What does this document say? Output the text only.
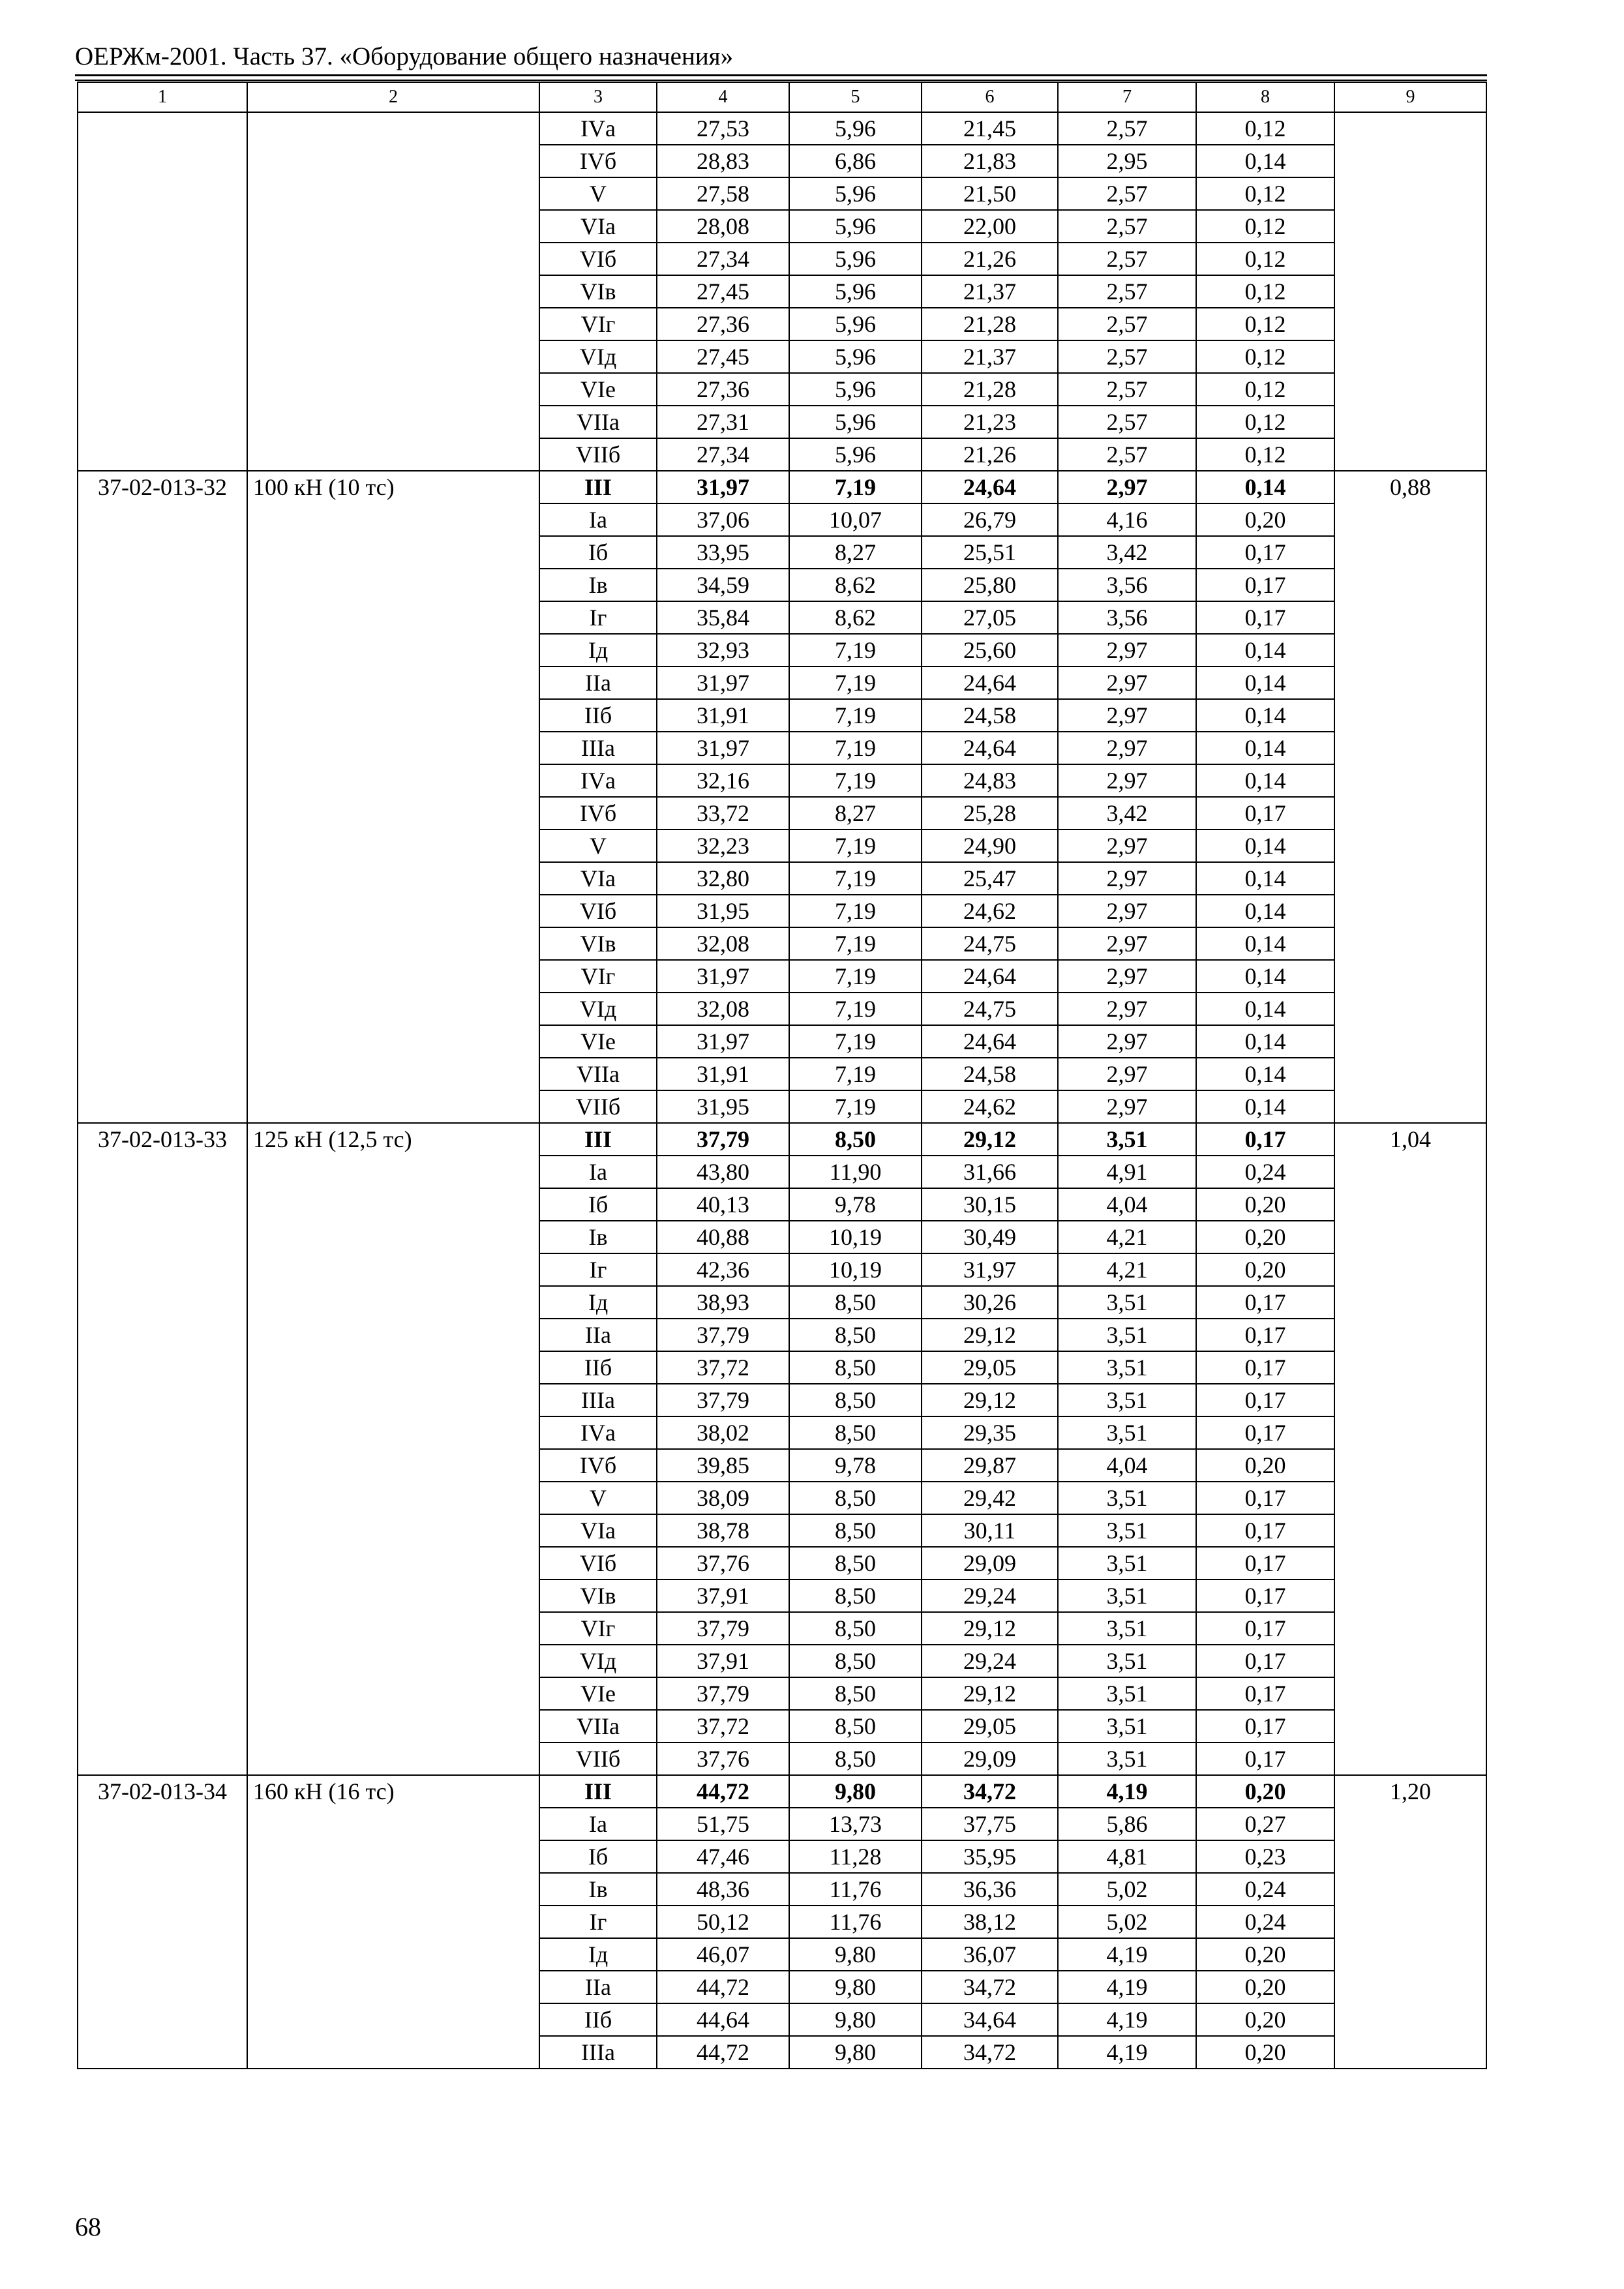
ОЕРЖм-2001. Часть 37. «Оборудование общего назначения»
1	2	3	4	5	6	7	8	9
		IVа	27,53	5,96	21,45	2,57	0,12	
		IVб	28,83	6,86	21,83	2,95	0,14	
		V	27,58	5,96	21,50	2,57	0,12	
		VIа	28,08	5,96	22,00	2,57	0,12	
		VIб	27,34	5,96	21,26	2,57	0,12	
		VIв	27,45	5,96	21,37	2,57	0,12	
		VIг	27,36	5,96	21,28	2,57	0,12	
		VIд	27,45	5,96	21,37	2,57	0,12	
		VIе	27,36	5,96	21,28	2,57	0,12	
		VIIа	27,31	5,96	21,23	2,57	0,12	
		VIIб	27,34	5,96	21,26	2,57	0,12	
37-02-013-32	100 кН (10 тс)	III	31,97	7,19	24,64	2,97	0,14	0,88
		Iа	37,06	10,07	26,79	4,16	0,20	
		Iб	33,95	8,27	25,51	3,42	0,17	
		Iв	34,59	8,62	25,80	3,56	0,17	
		Iг	35,84	8,62	27,05	3,56	0,17	
		Iд	32,93	7,19	25,60	2,97	0,14	
		IIа	31,97	7,19	24,64	2,97	0,14	
		IIб	31,91	7,19	24,58	2,97	0,14	
		IIIа	31,97	7,19	24,64	2,97	0,14	
		IVа	32,16	7,19	24,83	2,97	0,14	
		IVб	33,72	8,27	25,28	3,42	0,17	
		V	32,23	7,19	24,90	2,97	0,14	
		VIа	32,80	7,19	25,47	2,97	0,14	
		VIб	31,95	7,19	24,62	2,97	0,14	
		VIв	32,08	7,19	24,75	2,97	0,14	
		VIг	31,97	7,19	24,64	2,97	0,14	
		VIд	32,08	7,19	24,75	2,97	0,14	
		VIе	31,97	7,19	24,64	2,97	0,14	
		VIIа	31,91	7,19	24,58	2,97	0,14	
		VIIб	31,95	7,19	24,62	2,97	0,14	
37-02-013-33	125 кН (12,5 тс)	III	37,79	8,50	29,12	3,51	0,17	1,04
		Iа	43,80	11,90	31,66	4,91	0,24	
		Iб	40,13	9,78	30,15	4,04	0,20	
		Iв	40,88	10,19	30,49	4,21	0,20	
		Iг	42,36	10,19	31,97	4,21	0,20	
		Iд	38,93	8,50	30,26	3,51	0,17	
		IIа	37,79	8,50	29,12	3,51	0,17	
		IIб	37,72	8,50	29,05	3,51	0,17	
		IIIа	37,79	8,50	29,12	3,51	0,17	
		IVа	38,02	8,50	29,35	3,51	0,17	
		IVб	39,85	9,78	29,87	4,04	0,20	
		V	38,09	8,50	29,42	3,51	0,17	
		VIа	38,78	8,50	30,11	3,51	0,17	
		VIб	37,76	8,50	29,09	3,51	0,17	
		VIв	37,91	8,50	29,24	3,51	0,17	
		VIг	37,79	8,50	29,12	3,51	0,17	
		VIд	37,91	8,50	29,24	3,51	0,17	
		VIе	37,79	8,50	29,12	3,51	0,17	
		VIIа	37,72	8,50	29,05	3,51	0,17	
		VIIб	37,76	8,50	29,09	3,51	0,17	
37-02-013-34	160 кН (16 тс)	III	44,72	9,80	34,72	4,19	0,20	1,20
		Iа	51,75	13,73	37,75	5,86	0,27	
		Iб	47,46	11,28	35,95	4,81	0,23	
		Iв	48,36	11,76	36,36	5,02	0,24	
		Iг	50,12	11,76	38,12	5,02	0,24	
		Iд	46,07	9,80	36,07	4,19	0,20	
		IIа	44,72	9,80	34,72	4,19	0,20	
		IIб	44,64	9,80	34,64	4,19	0,20	
		IIIа	44,72	9,80	34,72	4,19	0,20	
68
